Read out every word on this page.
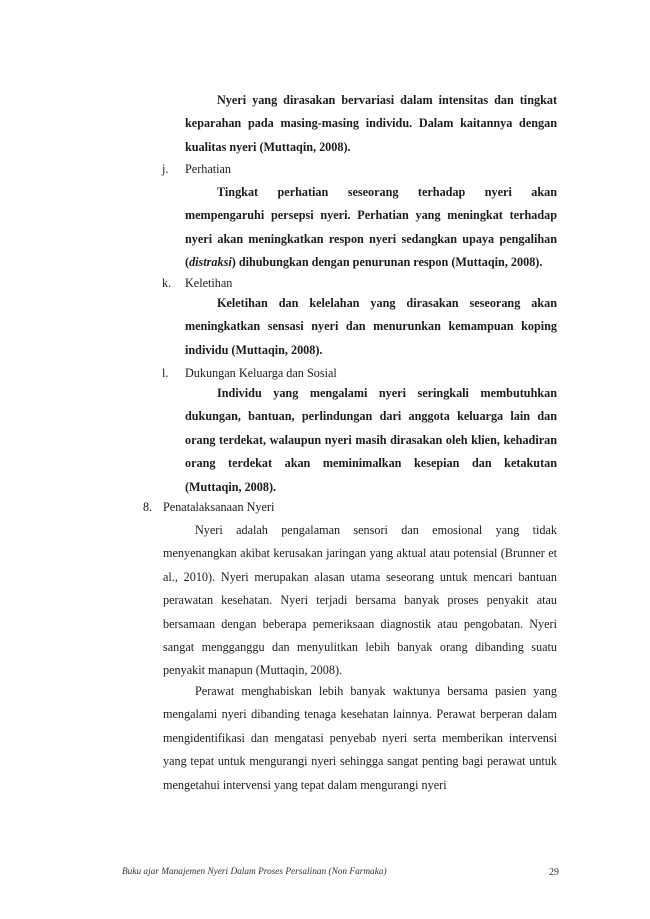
Nyeri yang dirasakan bervariasi dalam intensitas dan tingkat keparahan pada masing-masing individu. Dalam kaitannya dengan kualitas nyeri (Muttaqin, 2008).
j. Perhatian
Tingkat perhatian seseorang terhadap nyeri akan mempengaruhi persepsi nyeri. Perhatian yang meningkat terhadap nyeri akan meningkatkan respon nyeri sedangkan upaya pengalihan (distraksi) dihubungkan dengan penurunan respon (Muttaqin, 2008).
k. Keletihan
Keletihan dan kelelahan yang dirasakan seseorang akan meningkatkan sensasi nyeri dan menurunkan kemampuan koping individu (Muttaqin, 2008).
l. Dukungan Keluarga dan Sosial
Individu yang mengalami nyeri seringkali membutuhkan dukungan, bantuan, perlindungan dari anggota keluarga lain dan orang terdekat, walaupun nyeri masih dirasakan oleh klien, kehadiran orang terdekat akan meminimalkan kesepian dan ketakutan (Muttaqin, 2008).
8. Penatalaksanaan Nyeri
Nyeri adalah pengalaman sensori dan emosional yang tidak menyenangkan akibat kerusakan jaringan yang aktual atau potensial (Brunner et al., 2010). Nyeri merupakan alasan utama seseorang untuk mencari bantuan perawatan kesehatan. Nyeri terjadi bersama banyak proses penyakit atau bersamaan dengan beberapa pemeriksaan diagnostik atau pengobatan. Nyeri sangat mengganggu dan menyulitkan lebih banyak orang dibanding suatu penyakit manapun (Muttaqin, 2008).
Perawat menghabiskan lebih banyak waktunya bersama pasien yang mengalami nyeri dibanding tenaga kesehatan lainnya. Perawat berperan dalam mengidentifikasi dan mengatasi penyebab nyeri serta memberikan intervensi yang tepat untuk mengurangi nyeri sehingga sangat penting bagi perawat untuk mengetahui intervensi yang tepat dalam mengurangi nyeri
Buku ajar Manajemen Nyeri Dalam Proses Persalinan (Non Farmaka)	29
